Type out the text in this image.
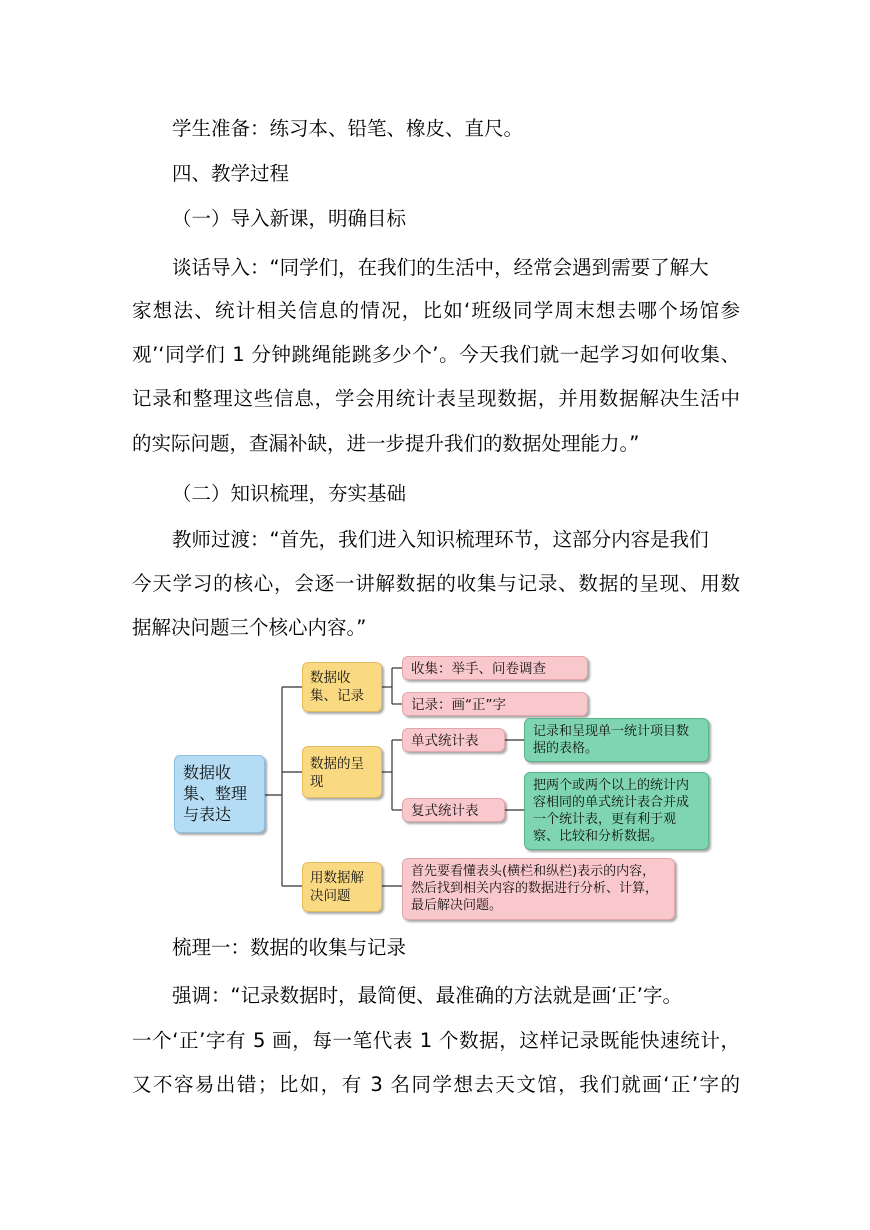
学生准备：练习本、铅笔、橡皮、直尺。
四、教学过程
（一）导入新课，明确目标
谈话导入：“同学们，在我们的生活中，经常会遇到需要了解大
家想法、统计相关信息的情况，比如‘班级同学周末想去哪个场馆参
观’‘同学们 1 分钟跳绳能跳多少个’。今天我们就一起学习如何收集、
记录和整理这些信息，学会用统计表呈现数据，并用数据解决生活中
的实际问题，查漏补缺，进一步提升我们的数据处理能力。”
（二）知识梳理，夯实基础
教师过渡：“首先，我们进入知识梳理环节，这部分内容是我们
今天学习的核心，会逐一讲解数据的收集与记录、数据的呈现、用数
据解决问题三个核心内容。”
数据收集、整理与表达
数据收集、记录
数据的呈现
用数据解决问题
收集：举手、问卷调查
记录：画“正”字
单式统计表
复式统计表
记录和呈现单一统计项目数据的表格。
把两个或两个以上的统计内容相同的单式统计表合并成一个统计表，更有利于观察、比较和分析数据。
首先要看懂表头(横栏和纵栏)表示的内容，然后找到相关内容的数据进行分析、计算，最后解决问题。
梳理一：数据的收集与记录
强调：“记录数据时，最简便、最准确的方法就是画‘正’字。
一个‘正’字有 5 画，每一笔代表 1 个数据，这样记录既能快速统计，
又不容易出错；比如，有 3 名同学想去天文馆，我们就画‘正’字的
